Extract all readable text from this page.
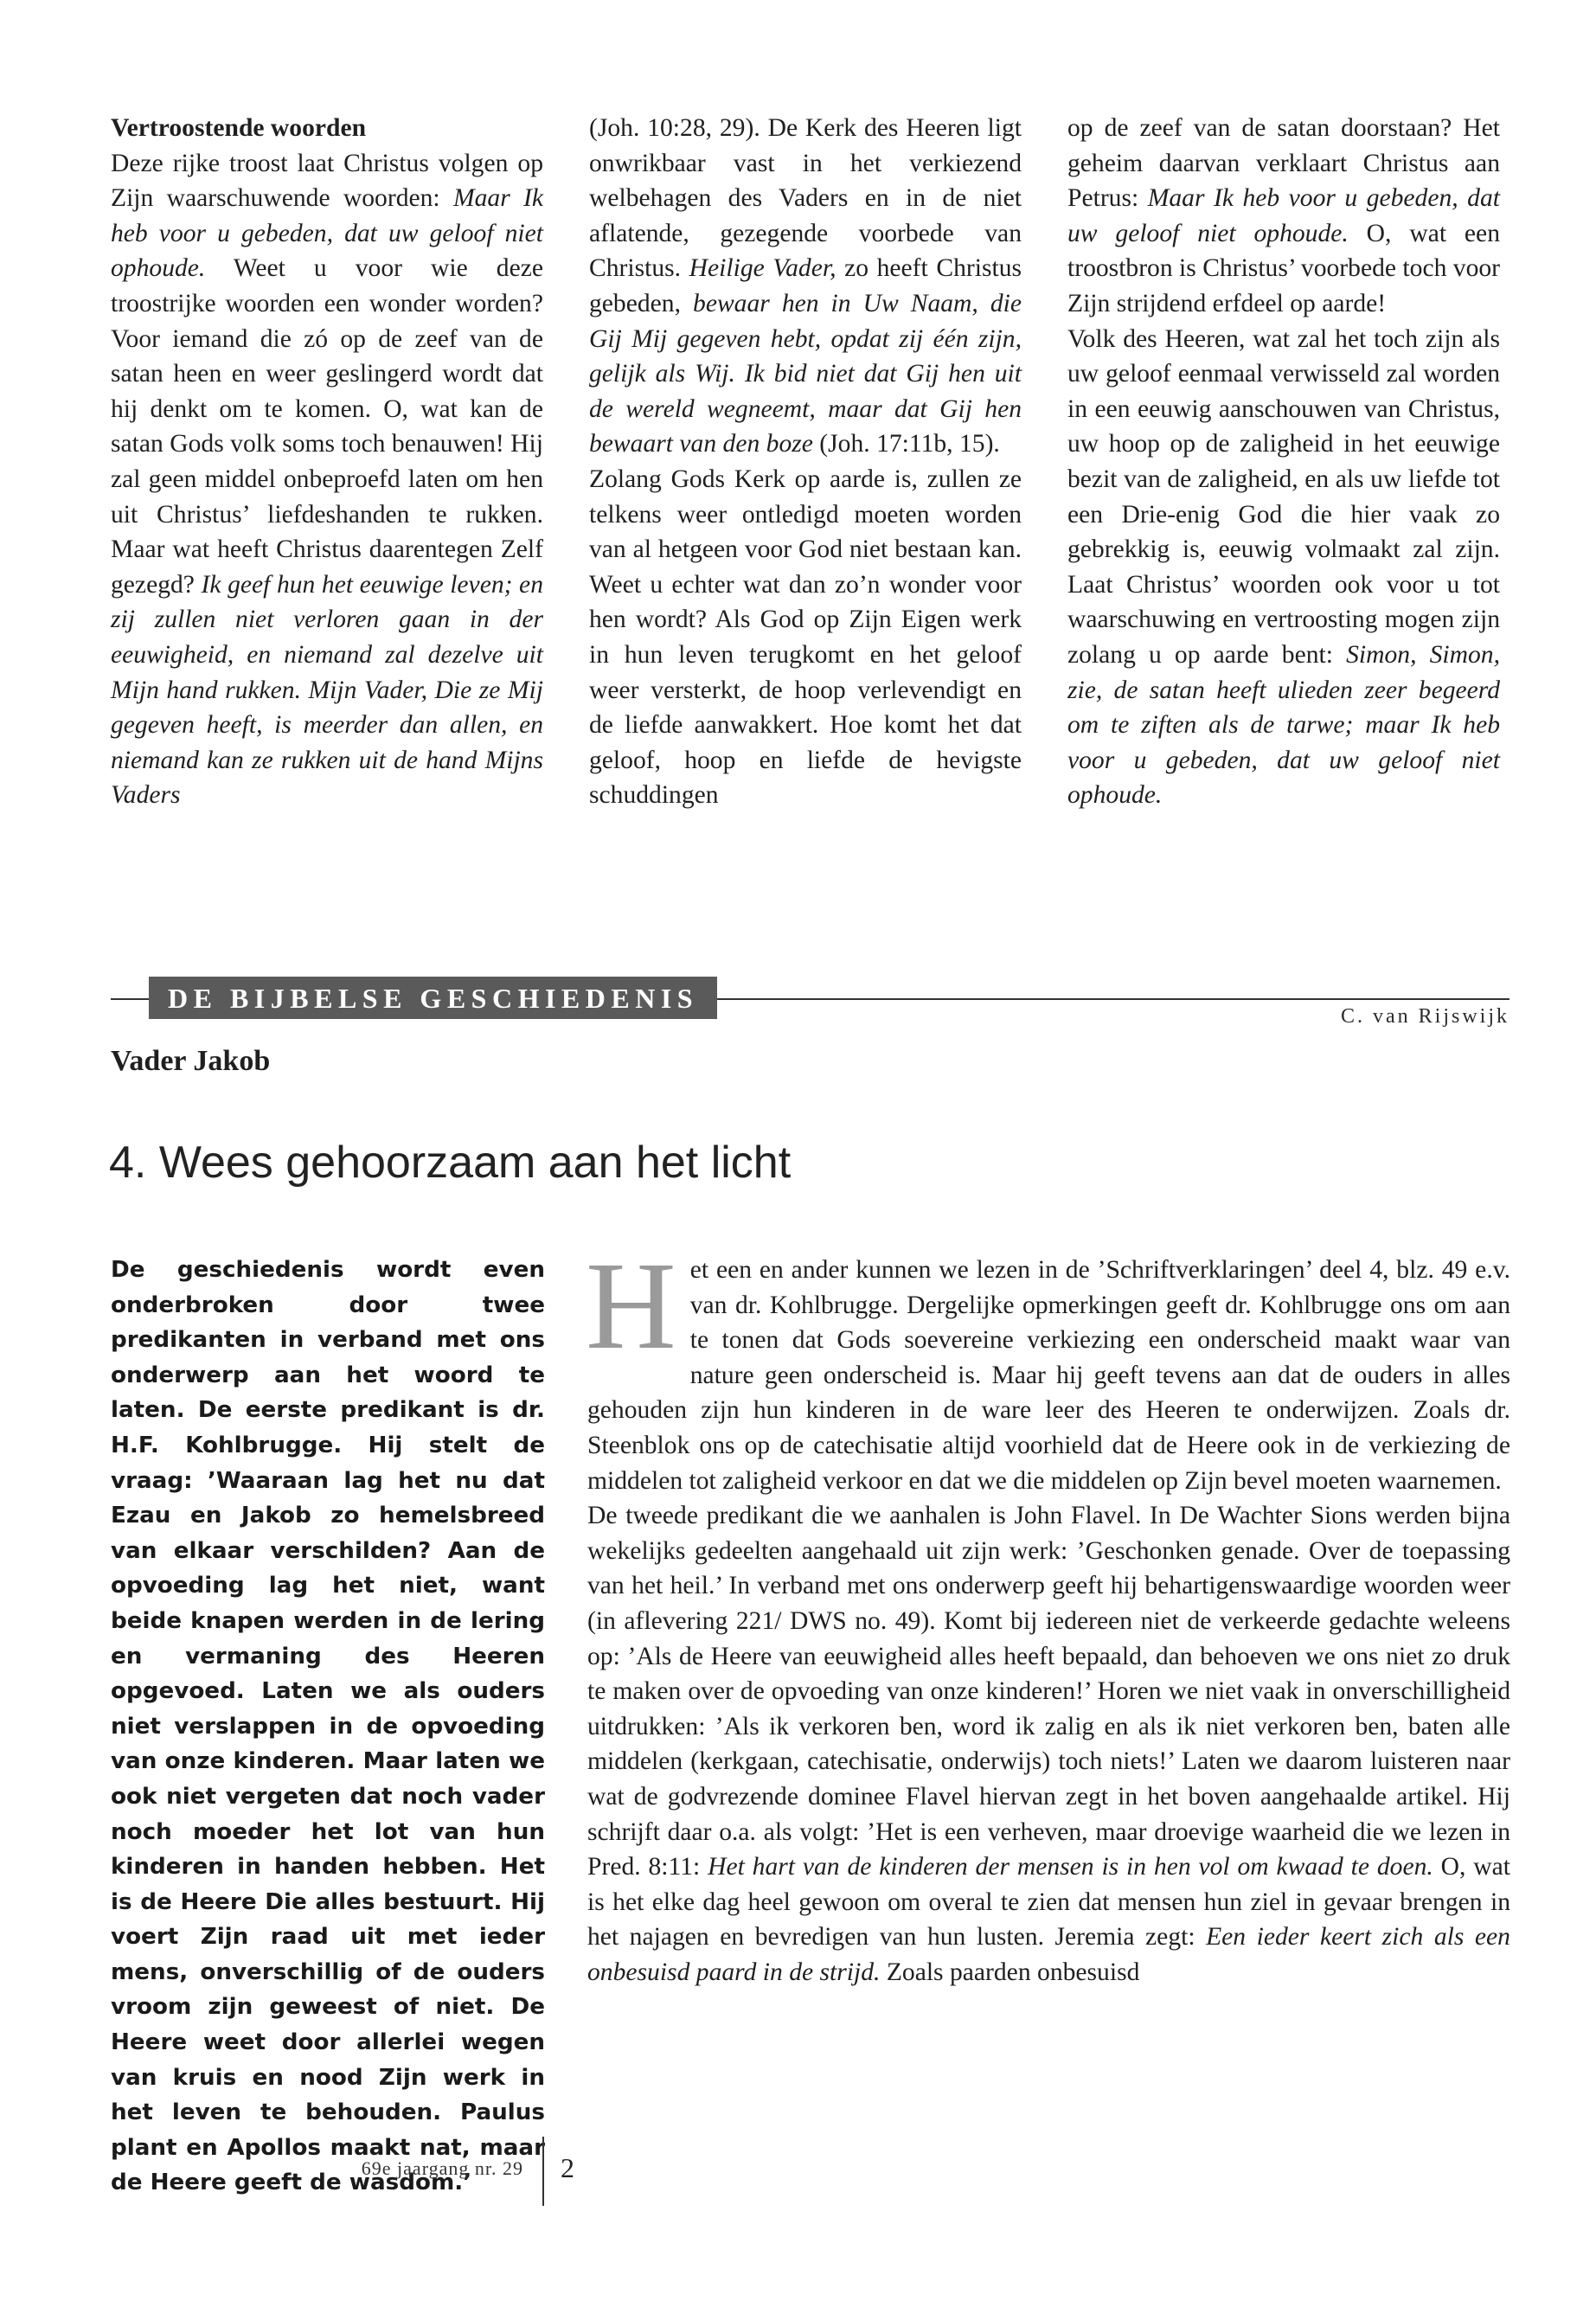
Vertroostende woorden
Deze rijke troost laat Christus volgen op Zijn waarschuwende woorden: Maar Ik heb voor u gebeden, dat uw geloof niet ophoude. Weet u voor wie deze troostrijke woorden een wonder worden? Voor iemand die zó op de zeef van de satan heen en weer geslingerd wordt dat hij denkt om te komen. O, wat kan de satan Gods volk soms toch benauwen! Hij zal geen middel onbeproefd laten om hen uit Christus’ liefdeshanden te rukken. Maar wat heeft Christus daarentegen Zelf gezegd? Ik geef hun het eeuwige leven; en zij zullen niet verloren gaan in der eeuwigheid, en niemand zal dezelve uit Mijn hand rukken. Mijn Vader, Die ze Mij gegeven heeft, is meerder dan allen, en niemand kan ze rukken uit de hand Mijns Vaders

(Joh. 10:28, 29). De Kerk des Heeren ligt onwrikbaar vast in het verkiezend welbehagen des Vaders en in de niet aflatende, gezegende voorbede van Christus. Heilige Vader, zo heeft Christus gebeden, bewaar hen in Uw Naam, die Gij Mij gegeven hebt, opdat zij één zijn, gelijk als Wij. Ik bid niet dat Gij hen uit de wereld wegneemt, maar dat Gij hen bewaart van den boze (Joh. 17:11b, 15).

Zolang Gods Kerk op aarde is, zullen ze telkens weer ontledigd moeten worden van al hetgeen voor God niet bestaan kan. Weet u echter wat dan zo’n wonder voor hen wordt? Als God op Zijn Eigen werk in hun leven terugkomt en het geloof weer versterkt, de hoop verlevendigt en de liefde aanwakkert. Hoe komt het dat geloof, hoop en liefde de hevigste schuddingen

op de zeef van de satan doorstaan? Het geheim daarvan verklaart Christus aan Petrus: Maar Ik heb voor u gebeden, dat uw geloof niet ophoude. O, wat een troostbron is Christus’ voorbede toch voor Zijn strijdend erfdeel op aarde!

Volk des Heeren, wat zal het toch zijn als uw geloof eenmaal verwisseld zal worden in een eeuwig aanschouwen van Christus, uw hoop op de zaligheid in het eeuwige bezit van de zaligheid, en als uw liefde tot een Drie-enig God die hier vaak zo gebrekkig is, eeuwig volmaakt zal zijn. Laat Christus’ woorden ook voor u tot waarschuwing en vertroosting mogen zijn zolang u op aarde bent: Simon, Simon, zie, de satan heeft ulieden zeer begeerd om te ziften als de tarwe; maar Ik heb voor u gebeden, dat uw geloof niet ophoude.

DE BIJBELSE GESCHIEDENIS
C. van Rijswijk
Vader Jakob
4. Wees gehoorzaam aan het licht
De geschiedenis wordt even onderbroken door twee predikanten in verband met ons onderwerp aan het woord te laten. De eerste predikant is dr. H.F. Kohlbrugge. Hij stelt de vraag: ’Waaraan lag het nu dat Ezau en Jakob zo hemelsbreed van elkaar verschilden? Aan de opvoeding lag het niet, want beide knapen werden in de lering en vermaning des Heeren opgevoed. Laten we als ouders niet verslappen in de opvoeding van onze kinderen. Maar laten we ook niet vergeten dat noch vader noch moeder het lot van hun kinderen in handen hebben. Het is de Heere Die alles bestuurt. Hij voert Zijn raad uit met ieder mens, onverschillig of de ouders vroom zijn geweest of niet. De Heere weet door allerlei wegen van kruis en nood Zijn werk in het leven te behouden. Paulus plant en Apollos maakt nat, maar de Heere geeft de wasdom.’

Het een en ander kunnen we lezen in de ’Schriftverklaringen’ deel 4, blz. 49 e.v. van dr. Kohlbrugge. Dergelijke opmerkingen geeft dr. Kohlbrugge ons om aan te tonen dat Gods soevereine verkiezing een onderscheid maakt waar van nature geen onderscheid is. Maar hij geeft tevens aan dat de ouders in alles gehouden zijn hun kinderen in de ware leer des Heeren te onderwijzen. Zoals dr. Steenblok ons op de catechisatie altijd voorhield dat de Heere ook in de verkiezing de middelen tot zaligheid verkoor en dat we die middelen op Zijn bevel moeten waarnemen.

De tweede predikant die we aanhalen is John Flavel. In De Wachter Sions werden bijna wekelijks gedeelten aangehaald uit zijn werk: ’Geschonken genade. Over de toepassing van het heil.’ In verband met ons onderwerp geeft hij behartigenswaardige woorden weer (in aflevering 221/ DWS no. 49). Komt bij iedereen niet de verkeerde gedachte weleens op: ’Als de Heere van eeuwigheid alles heeft bepaald, dan behoeven we ons niet zo druk te maken over de opvoeding van onze kinderen!’ Horen we niet vaak in onverschilligheid uitdrukken: ’Als ik verkoren ben, word ik zalig en als ik niet verkoren ben, baten alle middelen (kerkgaan, catechisatie, onderwijs) toch niets!’ Laten we daarom luisteren naar wat de godvrezende dominee Flavel hiervan zegt in het boven aangehaalde artikel. Hij schrijft daar o.a. als volgt: ’Het is een verheven, maar droevige waarheid die we lezen in Pred. 8:11: Het hart van de kinderen der mensen is in hen vol om kwaad te doen. O, wat is het elke dag heel gewoon om overal te zien dat mensen hun ziel in gevaar brengen in het najagen en bevredigen van hun lusten. Jeremia zegt: Een ieder keert zich als een onbesuisd paard in de strijd. Zoals paarden onbesuisd

69e jaargang nr. 29 2
